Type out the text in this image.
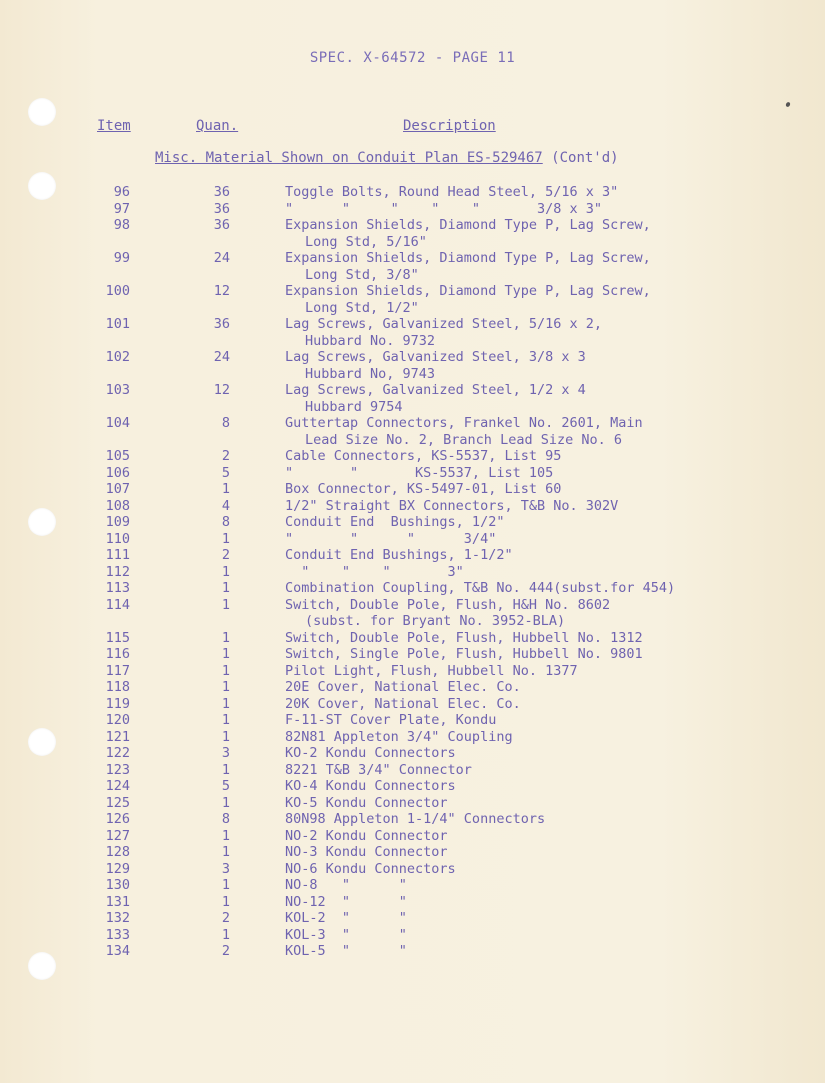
SPEC. X-64572 - PAGE 11
Item	Quan.	Description
Misc. Material Shown on Conduit Plan ES-529467 (Cont'd)
96	36	Toggle Bolts, Round Head Steel, 5/16 x 3"
97	36	"      "     "    "    "       3/8 x 3"
98	36	Expansion Shields, Diamond Type P, Lag Screw,
Long Std, 5/16"
99	24	Expansion Shields, Diamond Type P, Lag Screw,
Long Std, 3/8"
100	12	Expansion Shields, Diamond Type P, Lag Screw,
Long Std, 1/2"
101	36	Lag Screws, Galvanized Steel, 5/16 x 2,
Hubbard No. 9732
102	24	Lag Screws, Galvanized Steel, 3/8 x 3
Hubbard No, 9743
103	12	Lag Screws, Galvanized Steel, 1/2 x 4
Hubbard 9754
104	8	Guttertap Connectors, Frankel No. 2601, Main
Lead Size No. 2, Branch Lead Size No. 6
105	2	Cable Connectors, KS-5537, List 95
106	5	"       "       KS-5537, List 105
107	1	Box Connector, KS-5497-01, List 60
108	4	1/2" Straight BX Connectors, T&B No. 302V
109	8	Conduit End  Bushings, 1/2"
110	1	"       "      "      3/4"
111	2	Conduit End Bushings, 1-1/2"
112	1	"    "    "       3"
113	1	Combination Coupling, T&B No. 444(subst.for 454)
114	1	Switch, Double Pole, Flush, H&H No. 8602
(subst. for Bryant No. 3952-BLA)
115	1	Switch, Double Pole, Flush, Hubbell No. 1312
116	1	Switch, Single Pole, Flush, Hubbell No. 9801
117	1	Pilot Light, Flush, Hubbell No. 1377
118	1	20E Cover, National Elec. Co.
119	1	20K Cover, National Elec. Co.
120	1	F-11-ST Cover Plate, Kondu
121	1	82N81 Appleton 3/4" Coupling
122	3	KO-2 Kondu Connectors
123	1	8221 T&B 3/4" Connector
124	5	KO-4 Kondu Connectors
125	1	KO-5 Kondu Connector
126	8	80N98 Appleton 1-1/4" Connectors
127	1	NO-2 Kondu Connector
128	1	NO-3 Kondu Connector
129	3	NO-6 Kondu Connectors
130	1	NO-8   "      "
131	1	NO-12  "      "
132	2	KOL-2  "      "
133	1	KOL-3  "      "
134	2	KOL-5  "      "
